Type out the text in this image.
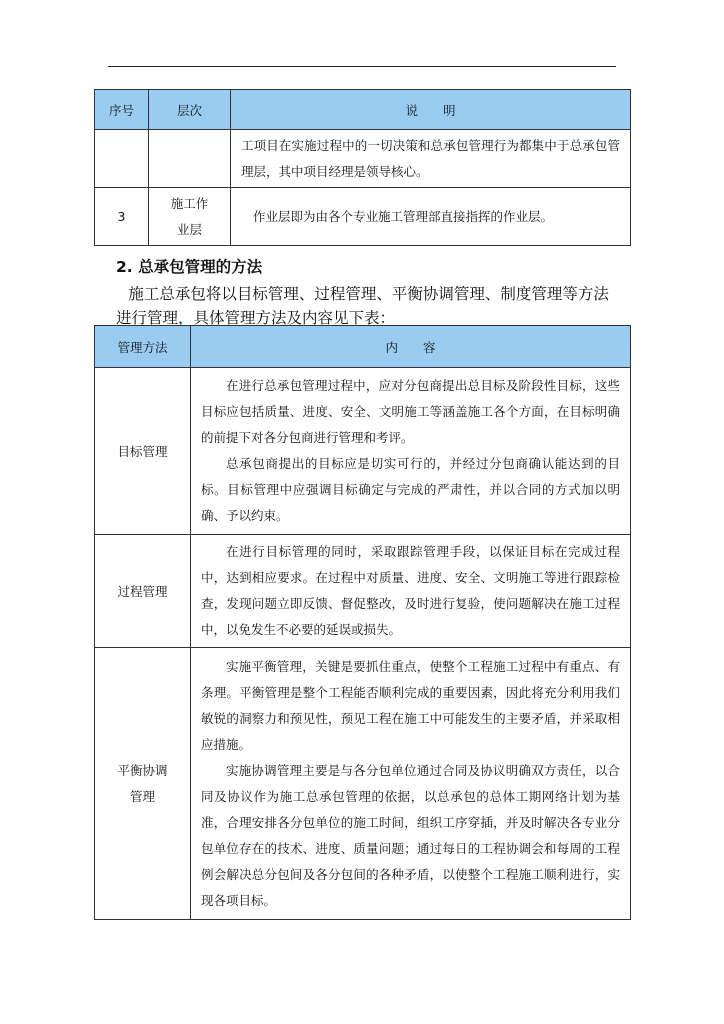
序号	层次	说　　明
		工项目在实施过程中的一切决策和总承包管理行为都集中于总承包管理层，其中项目经理是领导核心。
3	施工作业层	作业层即为由各个专业施工管理部直接指挥的作业层。
2. 总承包管理的方法

施工总承包将以目标管理、过程管理、平衡协调管理、制度管理等方法进行管理，具体管理方法及内容见下表：

管理方法	内　　容
目标管理	在进行总承包管理过程中，应对分包商提出总目标及阶段性目标，这些目标应包括质量、进度、安全、文明施工等涵盖施工各个方面，在目标明确的前提下对各分包商进行管理和考评。

总承包商提出的目标应是切实可行的，并经过分包商确认能达到的目标。目标管理中应强调目标确定与完成的严肃性，并以合同的方式加以明确、予以约束。

过程管理	在进行目标管理的同时，采取跟踪管理手段，以保证目标在完成过程中，达到相应要求。在过程中对质量、进度、安全、文明施工等进行跟踪检查，发现问题立即反馈、督促整改，及时进行复验，使问题解决在施工过程中，以免发生不必要的延误或损失。

平衡协调管理	实施平衡管理，关键是要抓住重点，使整个工程施工过程中有重点、有条理。平衡管理是整个工程能否顺利完成的重要因素，因此将充分利用我们敏锐的洞察力和预见性，预见工程在施工中可能发生的主要矛盾，并采取相应措施。

实施协调管理主要是与各分包单位通过合同及协议明确双方责任，以合同及协议作为施工总承包管理的依据，以总承包的总体工期网络计划为基准，合理安排各分包单位的施工时间，组织工序穿插，并及时解决各专业分包单位存在的技术、进度、质量问题；通过每日的工程协调会和每周的工程例会解决总分包间及各分包间的各种矛盾，以使整个工程施工顺利进行，实现各项目标。
